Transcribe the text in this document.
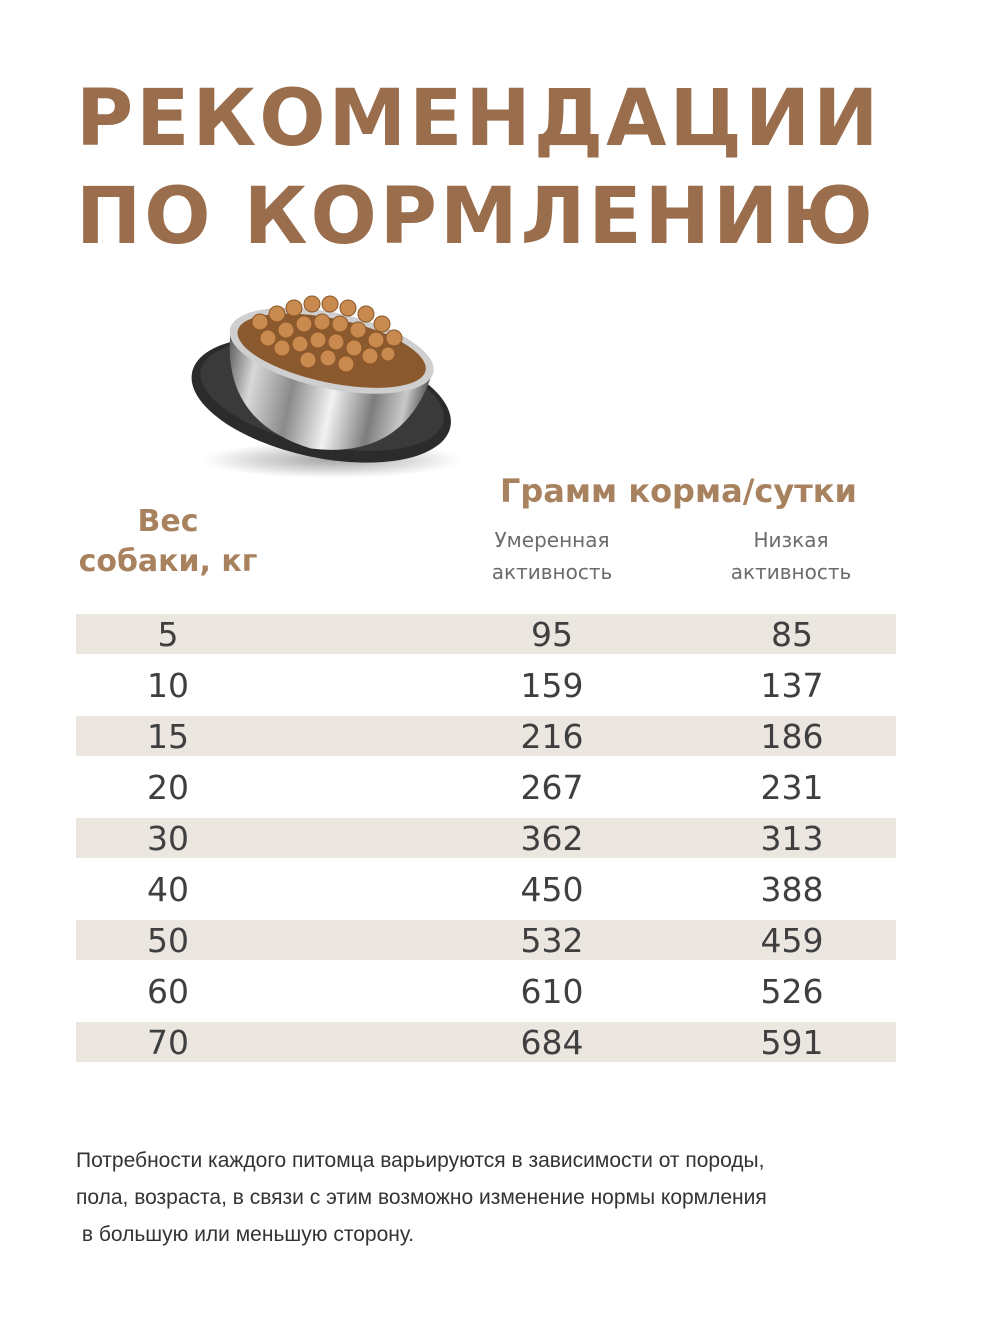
РЕКОМЕНДАЦИИ
ПО КОРМЛЕНИЮ
Грамм корма/сутки
Вес
собаки, кг
Умеренная
активность
Низкая
активность
5	95	85
10	159	137
15	216	186
20	267	231
30	362	313
40	450	388
50	532	459
60	610	526
70	684	591
Потребности каждого питомца варьируются в зависимости от породы,
пола, возраста, в связи с этим возможно изменение нормы кормления
в большую или меньшую сторону.
